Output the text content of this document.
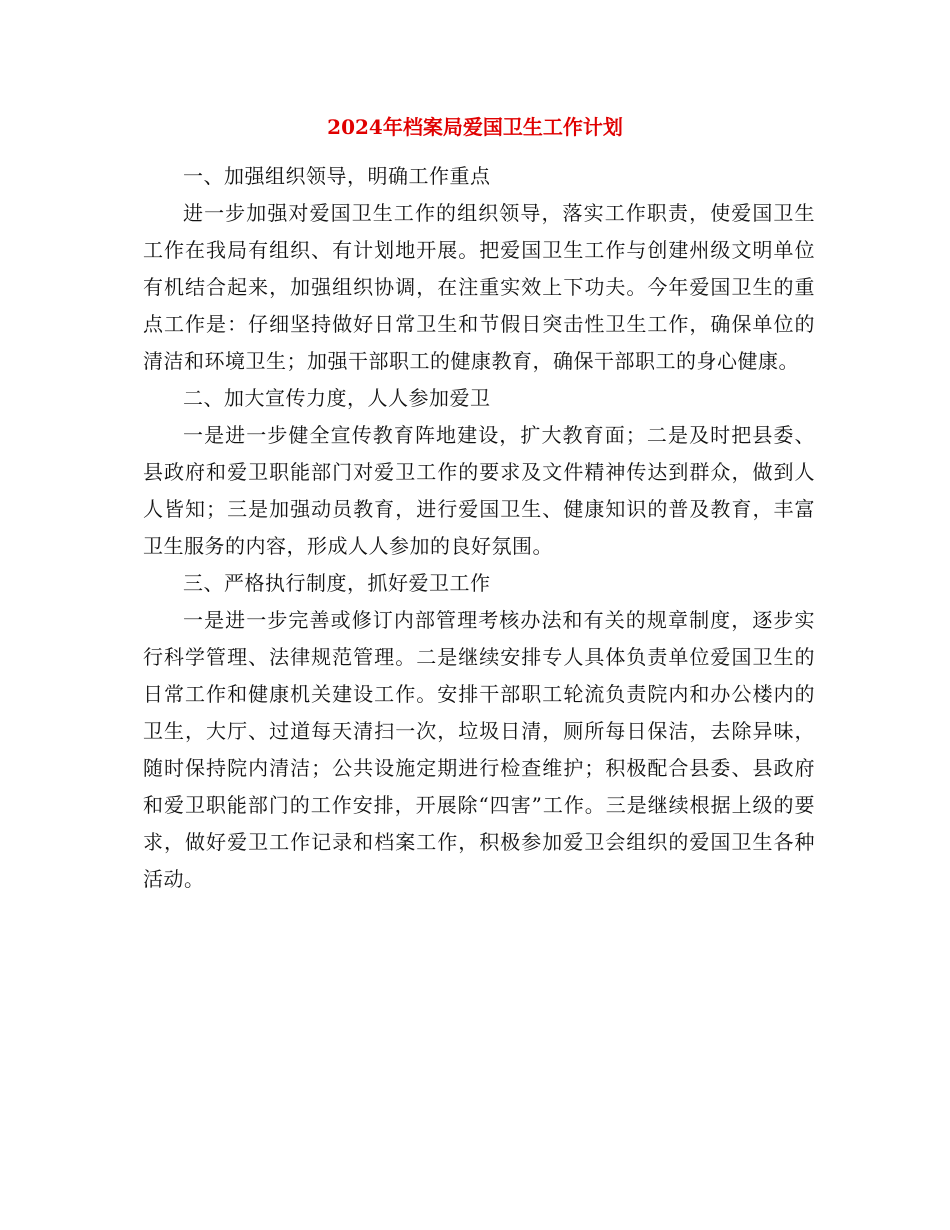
2024年档案局爱国卫生工作计划

一、加强组织领导，明确工作重点

进一步加强对爱国卫生工作的组织领导，落实工作职责，使爱国卫生工作在我局有组织、有计划地开展。把爱国卫生工作与创建州级文明单位有机结合起来，加强组织协调，在注重实效上下功夫。今年爱国卫生的重点工作是：仔细坚持做好日常卫生和节假日突击性卫生工作，确保单位的清洁和环境卫生；加强干部职工的健康教育，确保干部职工的身心健康。

二、加大宣传力度，人人参加爱卫

一是进一步健全宣传教育阵地建设，扩大教育面；二是及时把县委、县政府和爱卫职能部门对爱卫工作的要求及文件精神传达到群众，做到人人皆知；三是加强动员教育，进行爱国卫生、健康知识的普及教育，丰富卫生服务的内容，形成人人参加的良好氛围。

三、严格执行制度，抓好爱卫工作

一是进一步完善或修订内部管理考核办法和有关的规章制度，逐步实行科学管理、法律规范管理。二是继续安排专人具体负责单位爱国卫生的日常工作和健康机关建设工作。安排干部职工轮流负责院内和办公楼内的卫生，大厅、过道每天清扫一次，垃圾日清，厕所每日保洁，去除异味，随时保持院内清洁；公共设施定期进行检查维护；积极配合县委、县政府和爱卫职能部门的工作安排，开展除“四害”工作。三是继续根据上级的要求，做好爱卫工作记录和档案工作，积极参加爱卫会组织的爱国卫生各种活动。
